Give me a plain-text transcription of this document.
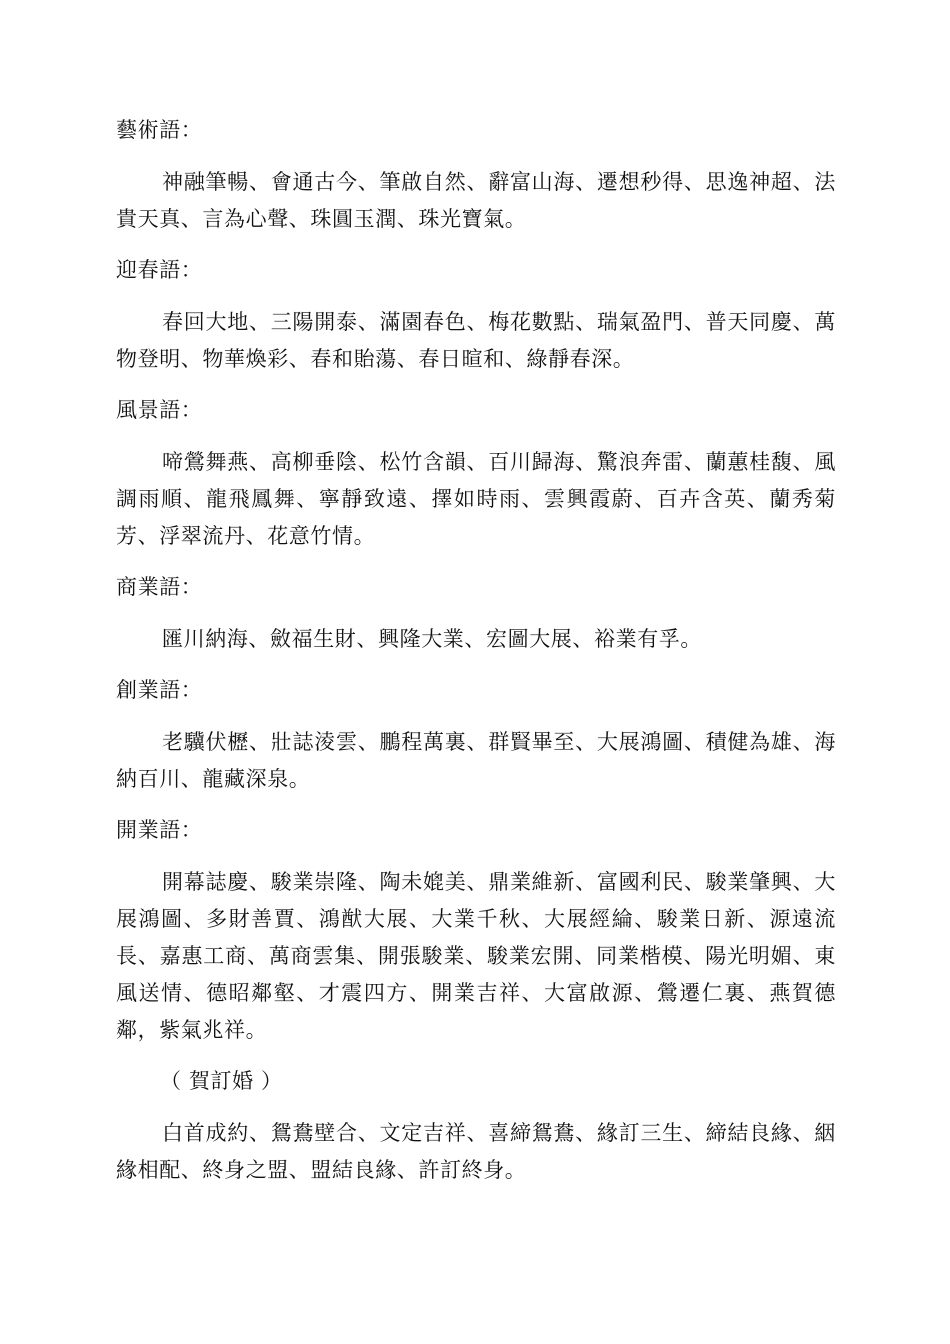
藝術語：

神融筆暢、會通古今、筆啟自然、辭富山海、遷想秒得、思逸神超、法貴天真、言為心聲、珠圓玉潤、珠光寶氣。

迎春語：

春回大地、三陽開泰、滿園春色、梅花數點、瑞氣盈門、普天同慶、萬物登明、物華煥彩、春和貽蕩、春日暄和、綠靜春深。

風景語：

啼鶯舞燕、高柳垂陰、松竹含韻、百川歸海、驚浪奔雷、蘭蕙桂馥、風調雨順、龍飛鳳舞、寧靜致遠、擇如時雨、雲興霞蔚、百卉含英、蘭秀菊芳、浮翠流丹、花意竹情。

商業語：

匯川納海、斂福生財、興隆大業、宏圖大展、裕業有孚。

創業語：

老驥伏櫪、壯誌淩雲、鵬程萬裏、群賢畢至、大展鴻圖、積健為雄、海納百川、龍藏深泉。

開業語：

開幕誌慶、駿業崇隆、陶未媲美、鼎業維新、富國利民、駿業肇興、大展鴻圖、多財善賈、鴻猷大展、大業千秋、大展經綸、駿業日新、源遠流長、嘉惠工商、萬商雲集、開張駿業、駿業宏開、同業楷模、陽光明媚、東風送情、德昭鄰壑、才震四方、開業吉祥、大富啟源、鶯遷仁裏、燕賀德鄰，紫氣兆祥。

（ 賀訂婚 ）

白首成約、鴛鴦壁合、文定吉祥、喜締鴛鴦、緣訂三生、締結良緣、絪緣相配、終身之盟、盟結良緣、許訂終身。
